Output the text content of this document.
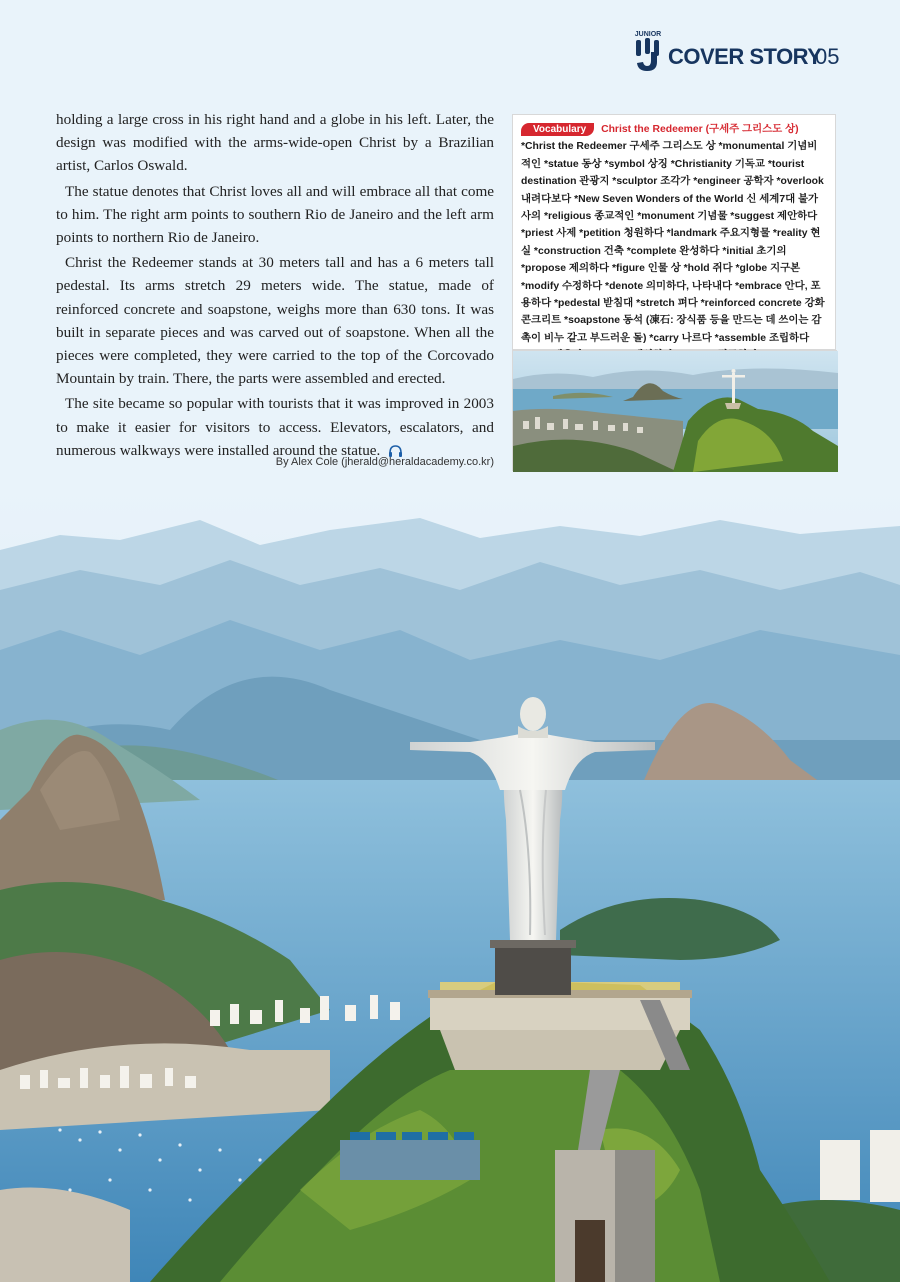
JUNIOR
COVER STORY
05

holding a large cross in his right hand and a globe in his left. Later, the design was modified with the arms-wide-open Christ by a Brazilian artist, Carlos Oswald.

The statue denotes that Christ loves all and will embrace all that come to him. The right arm points to southern Rio de Janeiro and the left arm points to northern Rio de Janeiro.

Christ the Redeemer stands at 30 meters tall and has a 6 meters tall pedestal. Its arms stretch 29 meters wide. The statue, made of reinforced concrete and soapstone, weighs more than 630 tons. It was built in separate pieces and was carved out of soapstone. When all the pieces were completed, they were carried to the top of the Corcovado Mountain by train. There, the parts were assembled and erected.

The site became so popular with tourists that it was improved in 2003 to make it easier for visitors to access. Elevators, escalators, and numerous walkways were installed around the statue.

By Alex Cole (jherald@heraldacademy.co.kr)
Vocabulary Christ the Redeemer (구세주 그리스도 상) *Christ the Redeemer 구세주 그리스도 상 *monumental 기념비적인 *statue 동상 *symbol 상징 *Christianity 기독교 *tourist destination 관광지 *sculptor 조각가 *engineer 공학자 *overlook 내려다보다 *New Seven Wonders of the World 신 세계7대 불가사의 *religious 종교적인 *monument 기념물 *suggest 제안하다 *priest 사제 *petition 청원하다 *landmark 주요지형물 *reality 현실 *construction 건축 *complete 완성하다 *initial 초기의 *propose 제의하다 *figure 인물 상 *hold 쥐다 *globe 지구본 *modify 수정하다 *denote 의미하다, 나타내다 *embrace 안다, 포용하다 *pedestal 받침대 *stretch 펴다 *reinforced concrete 강화 콘크리트 *soapstone 동석 (凍石: 장식품 등을 만드는 데 쓰이는 감촉이 비누 같고 부드러운 돌) *carry 나르다 *assemble 조립하다
